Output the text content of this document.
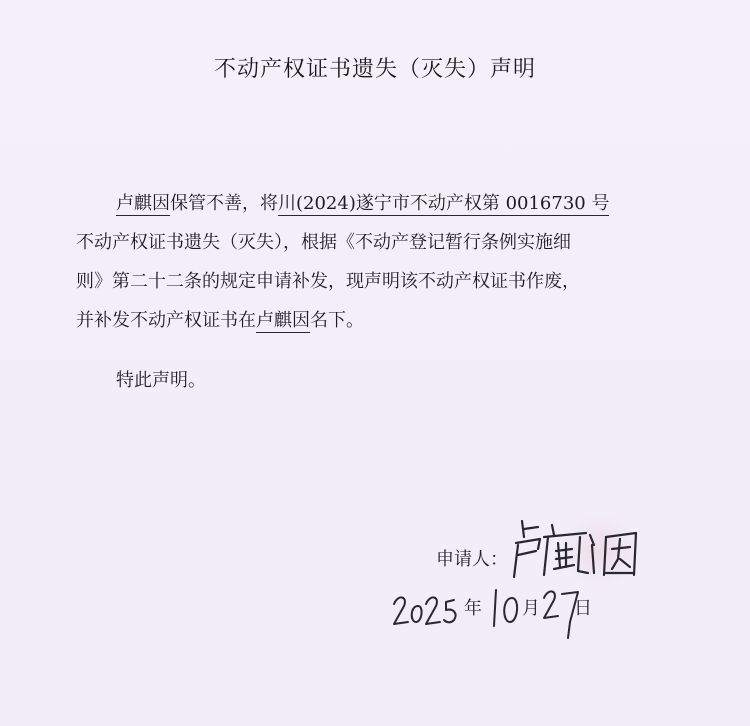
不动产权证书遗失（灭失）声明

卢麒因保管不善，将川(2024)遂宁市不动产权第 0016730 号

不动产权证书遗失（灭失），根据《不动产登记暂行条例实施细

则》第二十二条的规定申请补发，现声明该不动产权证书作废，

并补发不动产权证书在卢麒因名下。

特此声明。
申请人：
年 月 日
